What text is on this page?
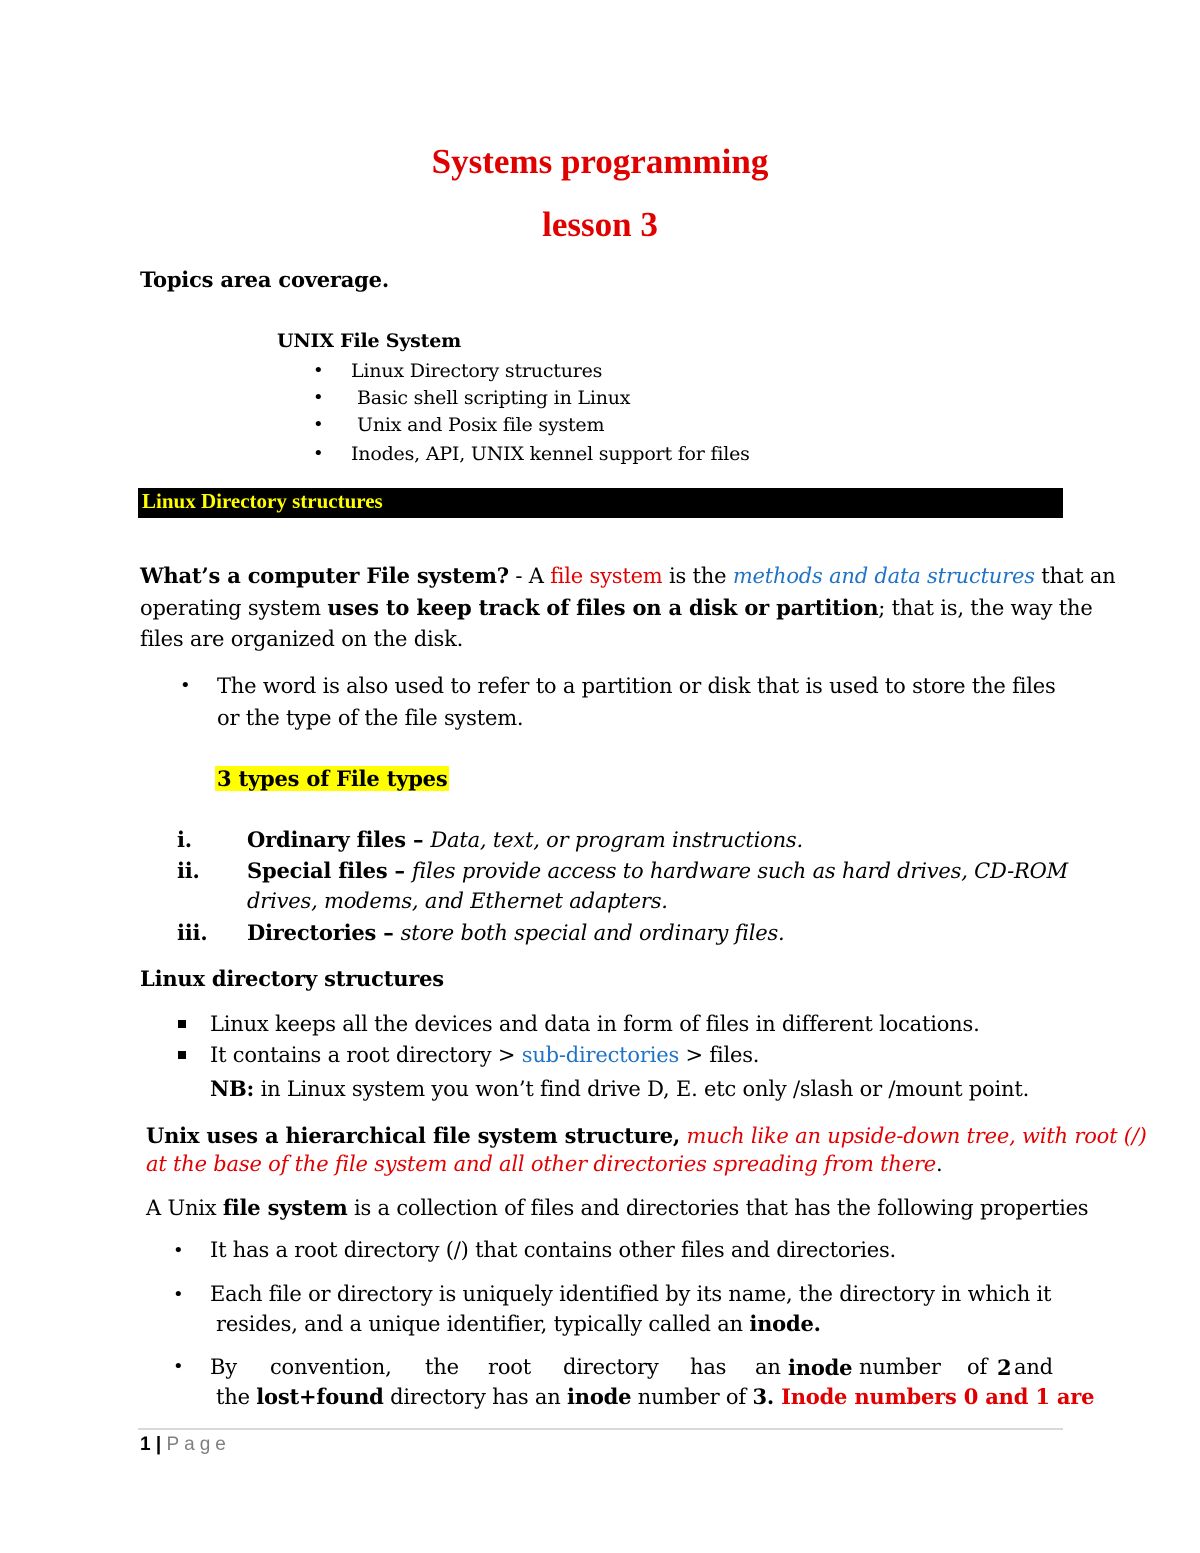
Systems programming
lesson 3
Topics area coverage.
UNIX File System
• Linux Directory structures
• Basic shell scripting in Linux
• Unix and Posix file system
• Inodes, API, UNIX kennel support for files
Linux Directory structures
What’s a computer File system? - A file system is the methods and data structures that an
operating system uses to keep track of files on a disk or partition; that is, the way the
files are organized on the disk.
• The word is also used to refer to a partition or disk that is used to store the files
or the type of the file system.
3 types of File types
i.	Ordinary files – Data, text, or program instructions.
ii. Special files – files provide access to hardware such as hard drives, CD-ROM
drives, modems, and Ethernet adapters.
iii. Directories – store both special and ordinary files.
Linux directory structures
Linux keeps all the devices and data in form of files in different locations.
It contains a root directory > sub-directories > files.
NB: in Linux system you won’t find drive D, E. etc only /slash or /mount point.
Unix uses a hierarchical file system structure, much like an upside-down tree, with root (/)
at the base of the file system and all other directories spreading from there.
A Unix file system is a collection of files and directories that has the following properties
• It has a root directory (/) that contains other files and directories.
• Each file or directory is uniquely identified by its name, the directory in which it
resides, and a unique identifier, typically called an inode.
• By convention, the root directory has an inode number of 2 and
the lost+found directory has an inode number of 3. Inode numbers 0 and 1 are
1 | Page
